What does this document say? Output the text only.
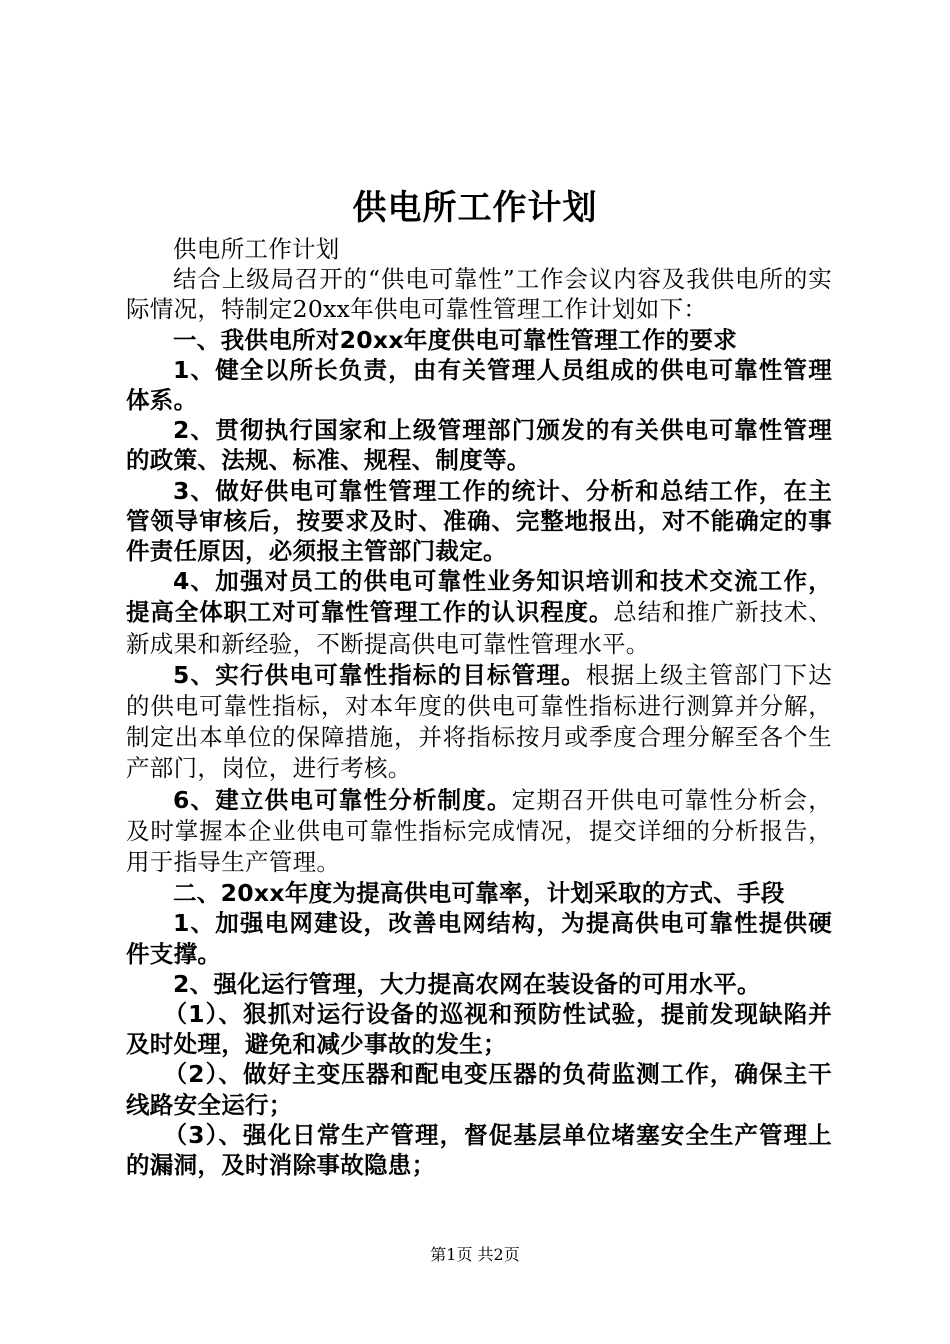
供电所工作计划

供电所工作计划

结合上级局召开的“供电可靠性”工作会议内容及我供电所的实际情况，特制定20xx年供电可靠性管理工作计划如下：

一、我供电所对20xx年度供电可靠性管理工作的要求

1、健全以所长负责，由有关管理人员组成的供电可靠性管理体系。

2、贯彻执行国家和上级管理部门颁发的有关供电可靠性管理的政策、法规、标准、规程、制度等。

3、做好供电可靠性管理工作的统计、分析和总结工作，在主管领导审核后，按要求及时、准确、完整地报出，对不能确定的事件责任原因，必须报主管部门裁定。

4、加强对员工的供电可靠性业务知识培训和技术交流工作，提高全体职工对可靠性管理工作的认识程度。总结和推广新技术、新成果和新经验，不断提高供电可靠性管理水平。

5、实行供电可靠性指标的目标管理。根据上级主管部门下达的供电可靠性指标，对本年度的供电可靠性指标进行测算并分解，制定出本单位的保障措施，并将指标按月或季度合理分解至各个生产部门，岗位，进行考核。

6、建立供电可靠性分析制度。定期召开供电可靠性分析会，及时掌握本企业供电可靠性指标完成情况，提交详细的分析报告，用于指导生产管理。

二、20xx年度为提高供电可靠率，计划采取的方式、手段

1、加强电网建设，改善电网结构，为提高供电可靠性提供硬件支撑。

2、强化运行管理，大力提高农网在装设备的可用水平。

（1）、狠抓对运行设备的巡视和预防性试验，提前发现缺陷并及时处理，避免和减少事故的发生；

（2）、做好主变压器和配电变压器的负荷监测工作，确保主干线路安全运行；

（3）、强化日常生产管理，督促基层单位堵塞安全生产管理上的漏洞，及时消除事故隐患；

第1页 共2页
